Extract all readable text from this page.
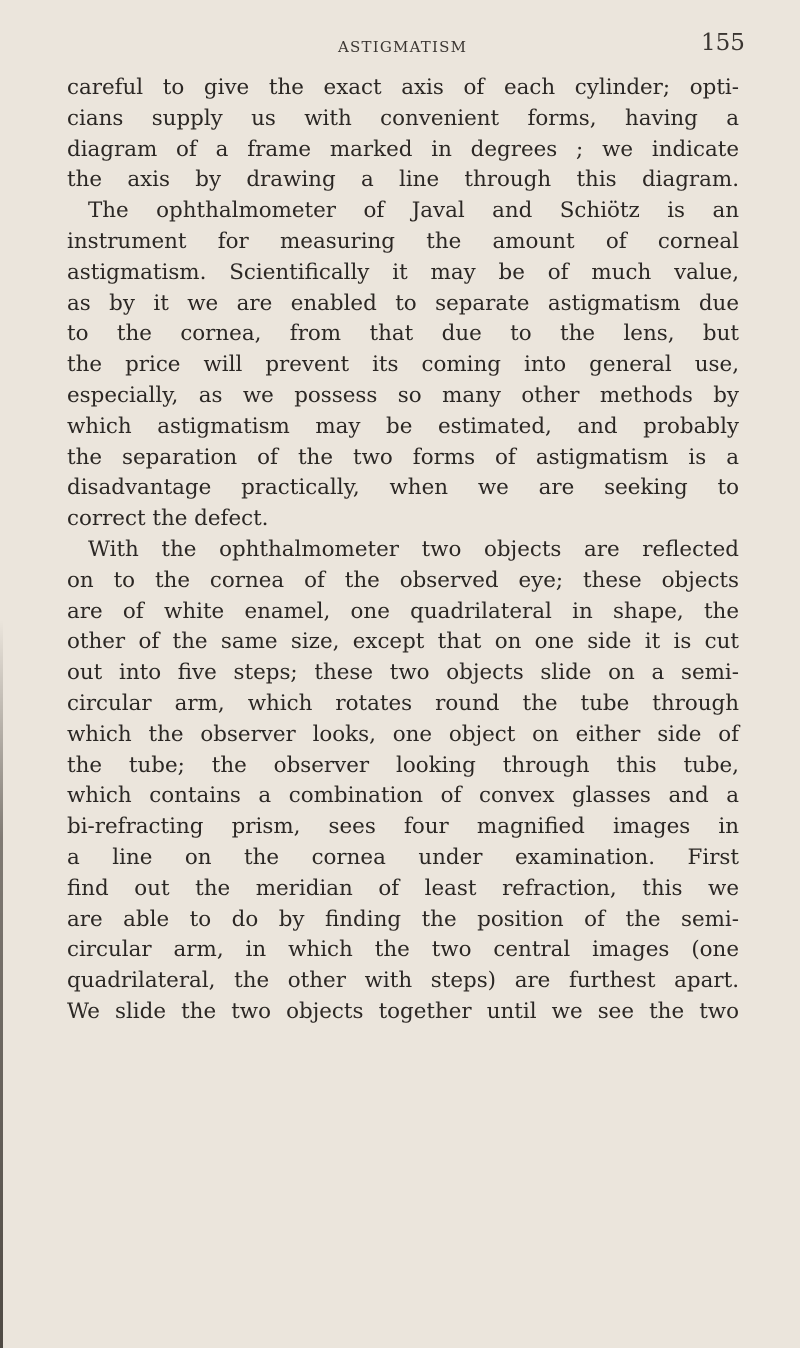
ASTIGMATISM	155
careful to give the exact axis of each cylinder; opti-
cians supply us with convenient forms, having a
diagram of a frame marked in degrees ; we indicate
the axis by drawing a line through this diagram.
The ophthalmometer of Javal and Schiötz is an
instrument for measuring the amount of corneal
astigmatism. Scientifically it may be of much value,
as by it we are enabled to separate astigmatism due
to the cornea, from that due to the lens, but
the price will prevent its coming into general use,
especially, as we possess so many other methods by
which astigmatism may be estimated, and probably
the separation of the two forms of astigmatism is a
disadvantage practically, when we are seeking to
correct the defect.
With the ophthalmometer two objects are reflected
on to the cornea of the observed eye; these objects
are of white enamel, one quadrilateral in shape, the
other of the same size, except that on one side it is cut
out into five steps; these two objects slide on a semi-
circular arm, which rotates round the tube through
which the observer looks, one object on either side of
the tube; the observer looking through this tube,
which contains a combination of convex glasses and a
bi-refracting prism, sees four magnified images in
a line on the cornea under examination. First
find out the meridian of least refraction, this we
are able to do by finding the position of the semi-
circular arm, in which the two central images (one
quadrilateral, the other with steps) are furthest apart.
We slide the two objects together until we see the two
